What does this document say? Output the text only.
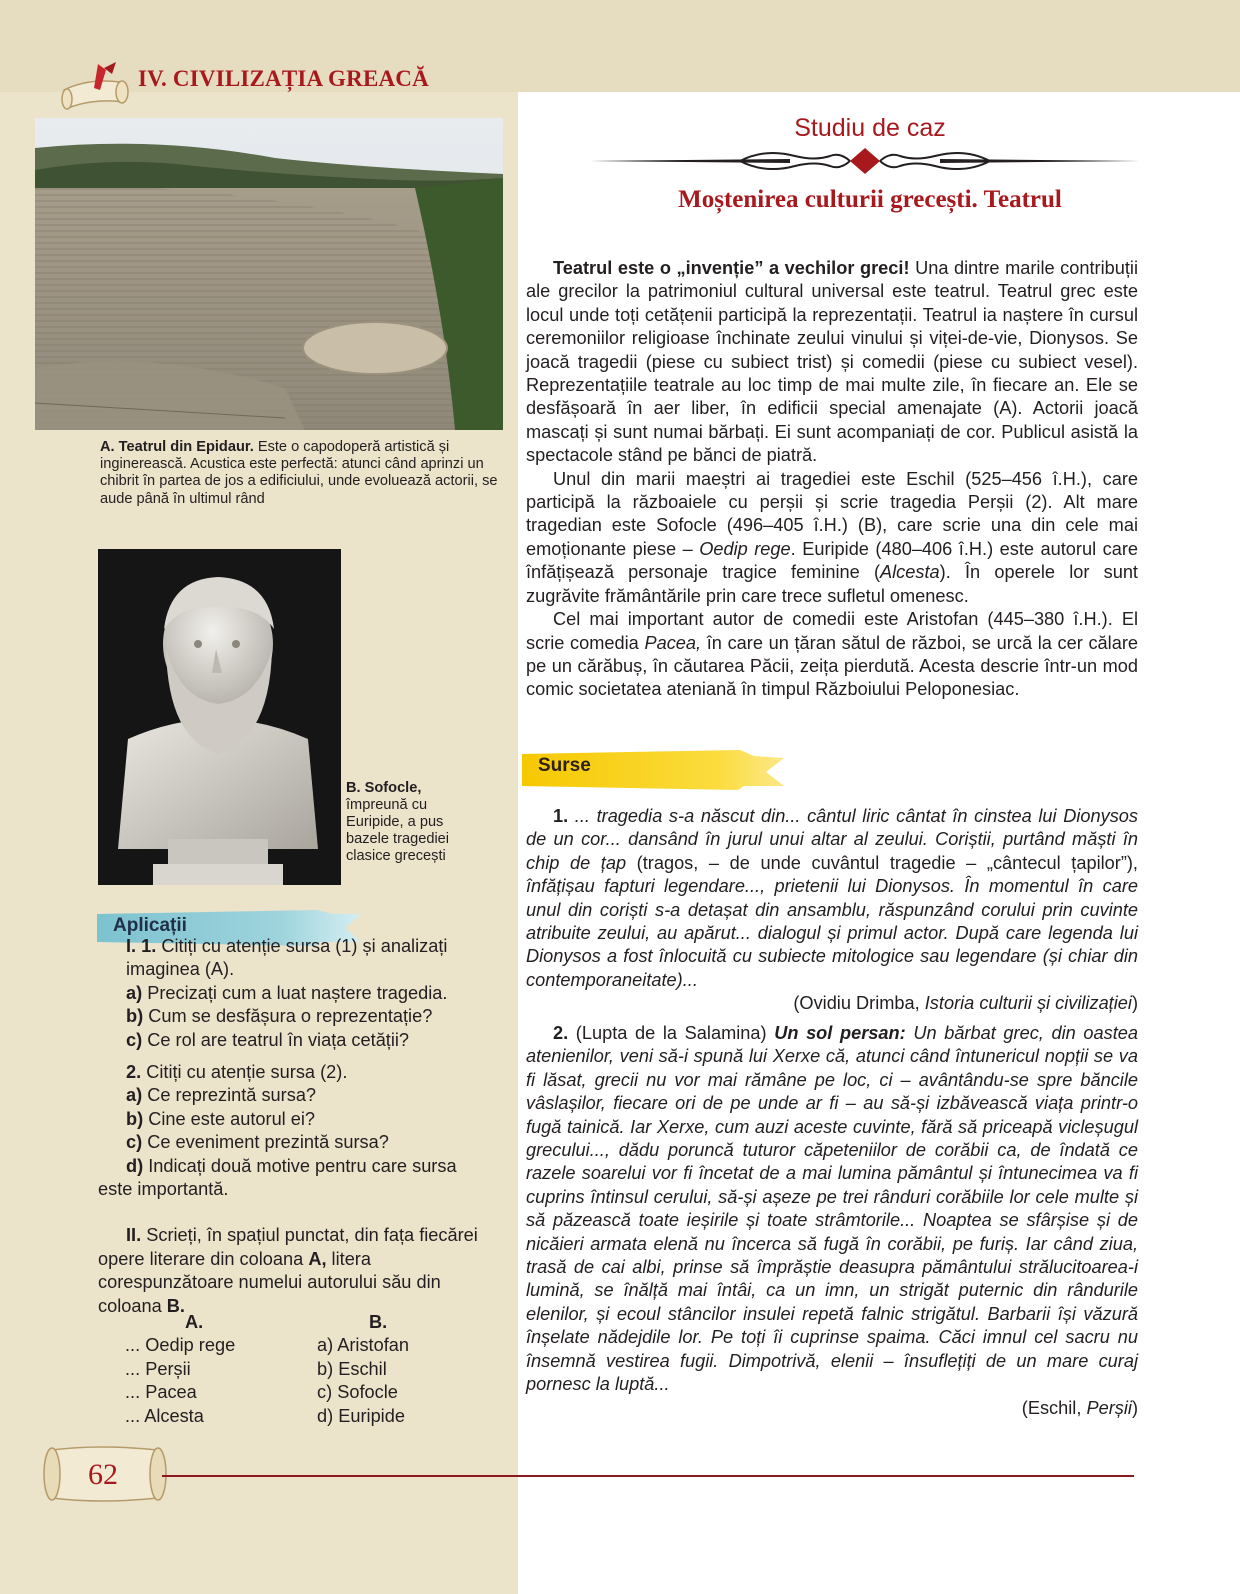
IV. CIVILIZAȚIA GREACĂ
A. Teatrul din Epidaur. Este o capodoperă artistică și inginerească. Acustica este perfectă: atunci când aprinzi un chibrit în partea de jos a edificiului, unde evoluează actorii, se aude până în ultimul rând
B. Sofocle, împreună cu Euripide, a pus bazele tragediei clasice grecești
Aplicații
I. 1. Citiți cu atenție sursa (1) și analizați imaginea (A).
a) Precizați cum a luat naștere tragedia.
b) Cum se desfășura o reprezentație?
c) Ce rol are teatrul în viața cetății?
2. Citiți cu atenție sursa (2).
a) Ce reprezintă sursa?
b) Cine este autorul ei?
c) Ce eveniment prezintă sursa?
d) Indicați două motive pentru care sursa este importantă.
II. Scrieți, în spațiul punctat, din fața fiecărei opere literare din coloana A, litera corespunzătoare numelui autorului său din coloana B.
A.	B.
... Oedip rege	a) Aristofan
... Perșii	b) Eschil
... Pacea	c) Sofocle
... Alcesta	d) Euripide
Studiu de caz
Moștenirea culturii grecești. Teatrul

Teatrul este o „invenție” a vechilor greci! Una dintre marile contribuții ale grecilor la patrimoniul cultural universal este teatrul. Teatrul grec este locul unde toți cetățenii participă la reprezentații. Teatrul ia naștere în cursul ceremoniilor religioase închinate zeului vinului și viței-de-vie, Dionysos. Se joacă tragedii (piese cu subiect trist) și comedii (piese cu subiect vesel). Reprezentațiile teatrale au loc timp de mai multe zile, în fiecare an. Ele se desfășoară în aer liber, în edificii special amenajate (A). Actorii joacă mascați și sunt numai bărbați. Ei sunt acompaniați de cor. Publicul asistă la spectacole stând pe bănci de piatră.

Unul din marii maeștri ai tragediei este Eschil (525–456 î.H.), care participă la războaiele cu perșii și scrie tragedia Perșii (2). Alt mare tragedian este Sofocle (496–405 î.H.) (B), care scrie una din cele mai emoționante piese – Oedip rege. Euripide (480–406 î.H.) este autorul care înfățișează personaje tragice feminine (Alcesta). În operele lor sunt zugrăvite frământările prin care trece sufletul omenesc.

Cel mai important autor de comedii este Aristofan (445–380 î.H.). El scrie comedia Pacea, în care un țăran sătul de război, se urcă la cer călare pe un cărăbuș, în căutarea Păcii, zeița pierdută. Acesta descrie într-un mod comic societatea ateniană în timpul Războiului Peloponesiac.

Surse

1. ... tragedia s-a născut din... cântul liric cântat în cinstea lui Dionysos de un cor... dansând în jurul unui altar al zeului. Coriștii, purtând măști în chip de țap (tragos, – de unde cuvântul tragedie – „cântecul țapilor”), înfățișau fapturi legendare..., prietenii lui Dionysos. În momentul în care unul din coriști s-a detașat din ansamblu, răspunzând corului prin cuvinte atribuite zeului, au apărut... dialogul și primul actor. După care legenda lui Dionysos a fost înlocuită cu subiecte mitologice sau legendare (și chiar din contemporaneitate)...

(Ovidiu Drimba, Istoria culturii și civilizației)

2. (Lupta de la Salamina) Un sol persan: Un bărbat grec, din oastea atenienilor, veni să-i spună lui Xerxe că, atunci când întunericul nopții se va fi lăsat, grecii nu vor mai rămâne pe loc, ci – avântându-se spre băncile vâslașilor, fiecare ori de pe unde ar fi – au să-și izbăvească viața printr-o fugă tainică. Iar Xerxe, cum auzi aceste cuvinte, fără să priceapă vicleșugul grecului..., dădu poruncă tuturor căpeteniilor de corăbii ca, de îndată ce razele soarelui vor fi încetat de a mai lumina pământul și întunecimea va fi cuprins întinsul cerului, să-și așeze pe trei rânduri corăbiile lor cele multe și să păzească toate ieșirile și toate strâmtorile... Noaptea se sfârșise și de nicăieri armata elenă nu încerca să fugă în corăbii, pe furiș. Iar când ziua, trasă de cai albi, prinse să împrăștie deasupra pământului strălucitoarea-i lumină, se înălță mai întâi, ca un imn, un strigăt puternic din rândurile elenilor, și ecoul stâncilor insulei repetă falnic strigătul. Barbarii își văzură înșelate nădejdile lor. Pe toți îi cuprinse spaima. Căci imnul cel sacru nu însemnă vestirea fugii. Dimpotrivă, elenii – însuflețiți de un mare curaj pornesc la luptă...

(Eschil, Perșii)

62
